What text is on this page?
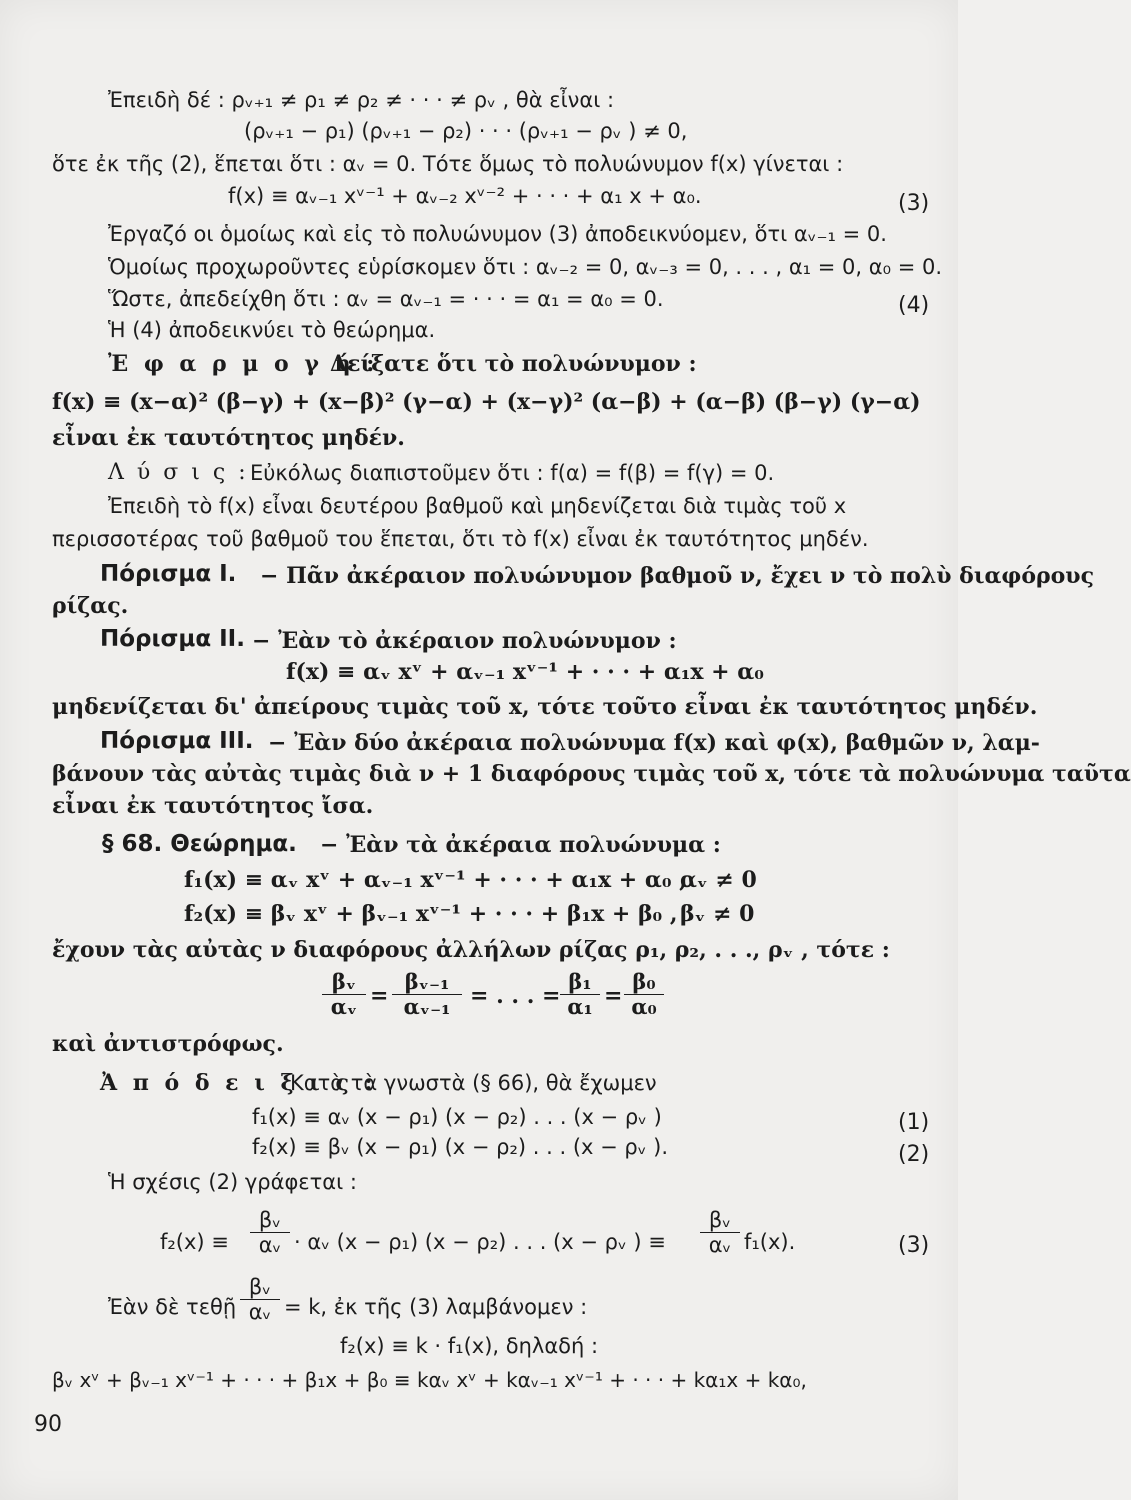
Ἐπειδὴ δέ : ρᵥ₊₁ ≠ ρ₁ ≠ ρ₂ ≠ · · · ≠ ρᵥ , θὰ εἶναι :
(ρᵥ₊₁ − ρ₁) (ρᵥ₊₁ − ρ₂) · · · (ρᵥ₊₁ − ρᵥ ) ≠ 0,
ὅτε ἐκ τῆς (2), ἕπεται ὅτι : αᵥ = 0. Τότε ὅμως τὸ πολυώνυμον f(x) γίνεται :
f(x) ≡ αᵥ₋₁ xᵛ⁻¹ + αᵥ₋₂ xᵛ⁻² + · · · + α₁ x + α₀.	(3)
Ἐργαζό οι ὁμοίως καὶ εἰς τὸ πολυώνυμον (3) ἀποδεικνύομεν, ὅτι αᵥ₋₁ = 0.
Ὁμοίως προχωροῦντες εὑρίσκομεν ὅτι : αᵥ₋₂ = 0, αᵥ₋₃ = 0, . . . , α₁ = 0, α₀ = 0.
Ὥστε, ἀπεδείχθη ὅτι : αᵥ = αᵥ₋₁ = · · · = α₁ = α₀ = 0.	(4)
Ἡ (4) ἀποδεικνύει τὸ θεώρημα.
Ἐ φ α ρ μ ο γ ή :
Δείξατε ὅτι τὸ πολυώνυμον :
f(x) ≡ (x−α)² (β−γ) + (x−β)² (γ−α) + (x−γ)² (α−β) + (α−β) (β−γ) (γ−α)
εἶναι ἐκ ταυτότητος μηδέν.
Λ ύ σ ι ς : Εὐκόλως διαπιστοῦμεν ὅτι : f(α) = f(β) = f(γ) = 0.
Ἐπειδὴ τὸ f(x) εἶναι δευτέρου βαθμοῦ καὶ μηδενίζεται διὰ τιμὰς τοῦ x
περισσοτέρας τοῦ βαθμοῦ του ἕπεται, ὅτι τὸ f(x) εἶναι ἐκ ταυτότητος μηδέν.
Πόρισμα Ι. − Πᾶν ἀκέραιον πολυώνυμον βαθμοῦ ν, ἔχει ν τὸ πολὺ διαφόρους
ρίζας.
Πόρισμα ΙΙ. − Ἐὰν τὸ ἀκέραιον πολυώνυμον :
f(x) ≡ αᵥ xᵛ + αᵥ₋₁ xᵛ⁻¹ + · · · + α₁x + α₀
μηδενίζεται δι' ἀπείρους τιμὰς τοῦ x, τότε τοῦτο εἶναι ἐκ ταυτότητος μηδέν.
Πόρισμα ΙΙΙ. − Ἐὰν δύο ἀκέραια πολυώνυμα f(x) καὶ φ(x), βαθμῶν ν, λαμ-
βάνουν τὰς αὐτὰς τιμὰς διὰ ν + 1 διαφόρους τιμὰς τοῦ x, τότε τὰ πολυώνυμα ταῦτα
εἶναι ἐκ ταυτότητος ἴσα.
§ 68. Θεώρημα. − Ἐὰν τὰ ἀκέραια πολυώνυμα :
f₁(x) ≡ αᵥ xᵛ + αᵥ₋₁ xᵛ⁻¹ + · · · + α₁x + α₀ ,
αᵥ ≠ 0
f₂(x) ≡ βᵥ xᵛ + βᵥ₋₁ xᵛ⁻¹ + · · · + β₁x + β₀ , βᵥ ≠ 0
ἔχουν τὰς αὐτὰς ν διαφόρους ἀλλήλων ρίζας ρ₁, ρ₂, . . ., ρᵥ , τότε :
$\frac{\text{βᵥ}}{\text{αᵥ}} = \frac{\text{βᵥ₋₁}}{\text{αᵥ₋₁}}$ = . . . = $\frac{\text{β₁}}{\text{α₁}} = \frac{\text{β₀}}{\text{α₀}}$
καὶ ἀντιστρόφως.
Ἀ π ό δ ε ι ξ ι ς :
Κατὰ τὰ γνωστὰ (§ 66), θὰ ἔχωμεν
f₁(x) ≡ αᵥ (x − ρ₁) (x − ρ₂) . . . (x − ρᵥ )	(1)
f₂(x) ≡ βᵥ (x − ρ₁) (x − ρ₂) . . . (x − ρᵥ ).	(2)
Ἡ σχέσις (2) γράφεται :
$f_2(x) \equiv \frac{\text{βᵥ}}{\text{αᵥ}}$ · αᵥ (x − ρ₁) (x − ρ₂) . . . (x − ρᵥ ) ≡ $\frac{\text{βᵥ}}{\text{αᵥ}} f_1(x)$.	(3)
Ἐὰν δὲ τεθῇ $\frac{\text{βᵥ}}{\text{αᵥ}} = k$, ἐκ τῆς (3) λαμβάνομεν :
f₂(x) ≡ k · f₁(x), δηλαδή :
βᵥ xᵛ + βᵥ₋₁ xᵛ⁻¹ + · · · + β₁x + β₀ ≡ kαᵥ xᵛ + kαᵥ₋₁ xᵛ⁻¹ + · · · + kα₁x + kα₀,
90
